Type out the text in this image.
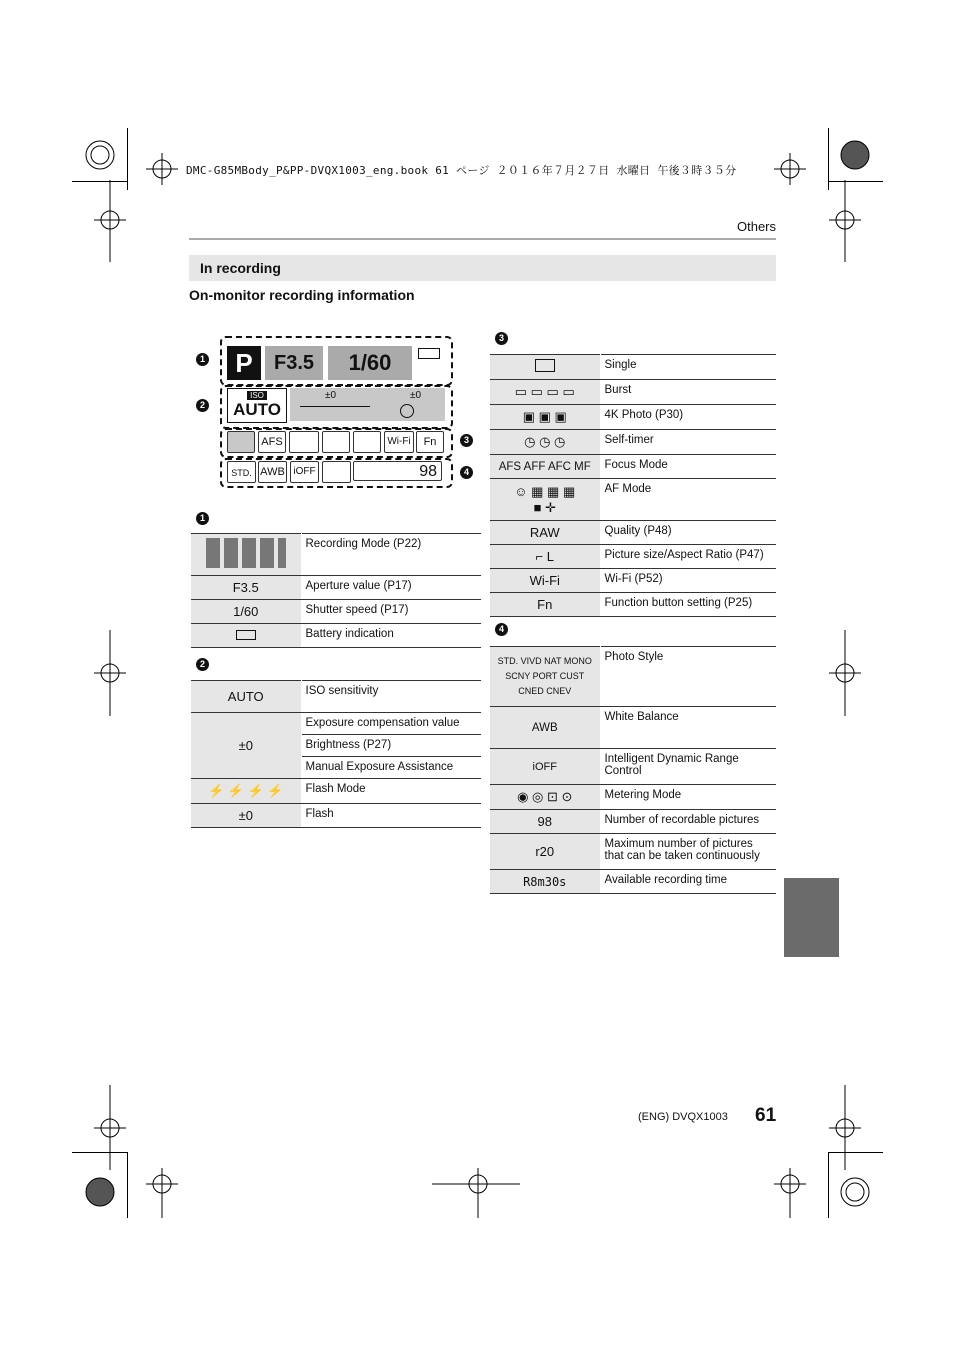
DMC-G85MBody_P&PP-DVQX1003_eng.book 61 ページ ２０１６年７月２７日 水曜日 午後３時３５分
Others
In recording
On-monitor recording information
P	F3.5	1/60
ISO
AUTO
±0	±0
AFS	Wi-Fi	Fn
STD. AWB iOFF	98
1
2
3
4
1
	Recording Mode (P22)
F3.5	Aperture value (P17)
1/60	Shutter speed (P17)
	Battery indication
2
AUTO	ISO sensitivity
±0	Exposure compensation value
	Brightness (P27)
	Manual Exposure Assistance
⚡ ⚡ ⚡ ⚡	Flash Mode
±0	Flash
3
	Single
▭ ▭ ▭ ▭	Burst
▣ ▣ ▣	4K Photo (P30)
◷ ◷ ◷	Self-timer
AFS AFF AFC MF	Focus Mode
☺ ▦ ▦ ▦
■ ✛	AF Mode
RAW	Quality (P48)
⌐ L	Picture size/Aspect Ratio (P47)
Wi-Fi	Wi-Fi (P52)
Fn	Function button setting (P25)
4
STD. VIVD NAT MONO SCNY PORT CUST CNED CNEV	Photo Style
AWB	White Balance
iOFF	Intelligent Dynamic Range Control
◉ ◎ ⊡ ⊙	Metering Mode
98	Number of recordable pictures
r20	Maximum number of pictures that can be taken continuously
R8m30s	Available recording time
(ENG) DVQX1003 61
